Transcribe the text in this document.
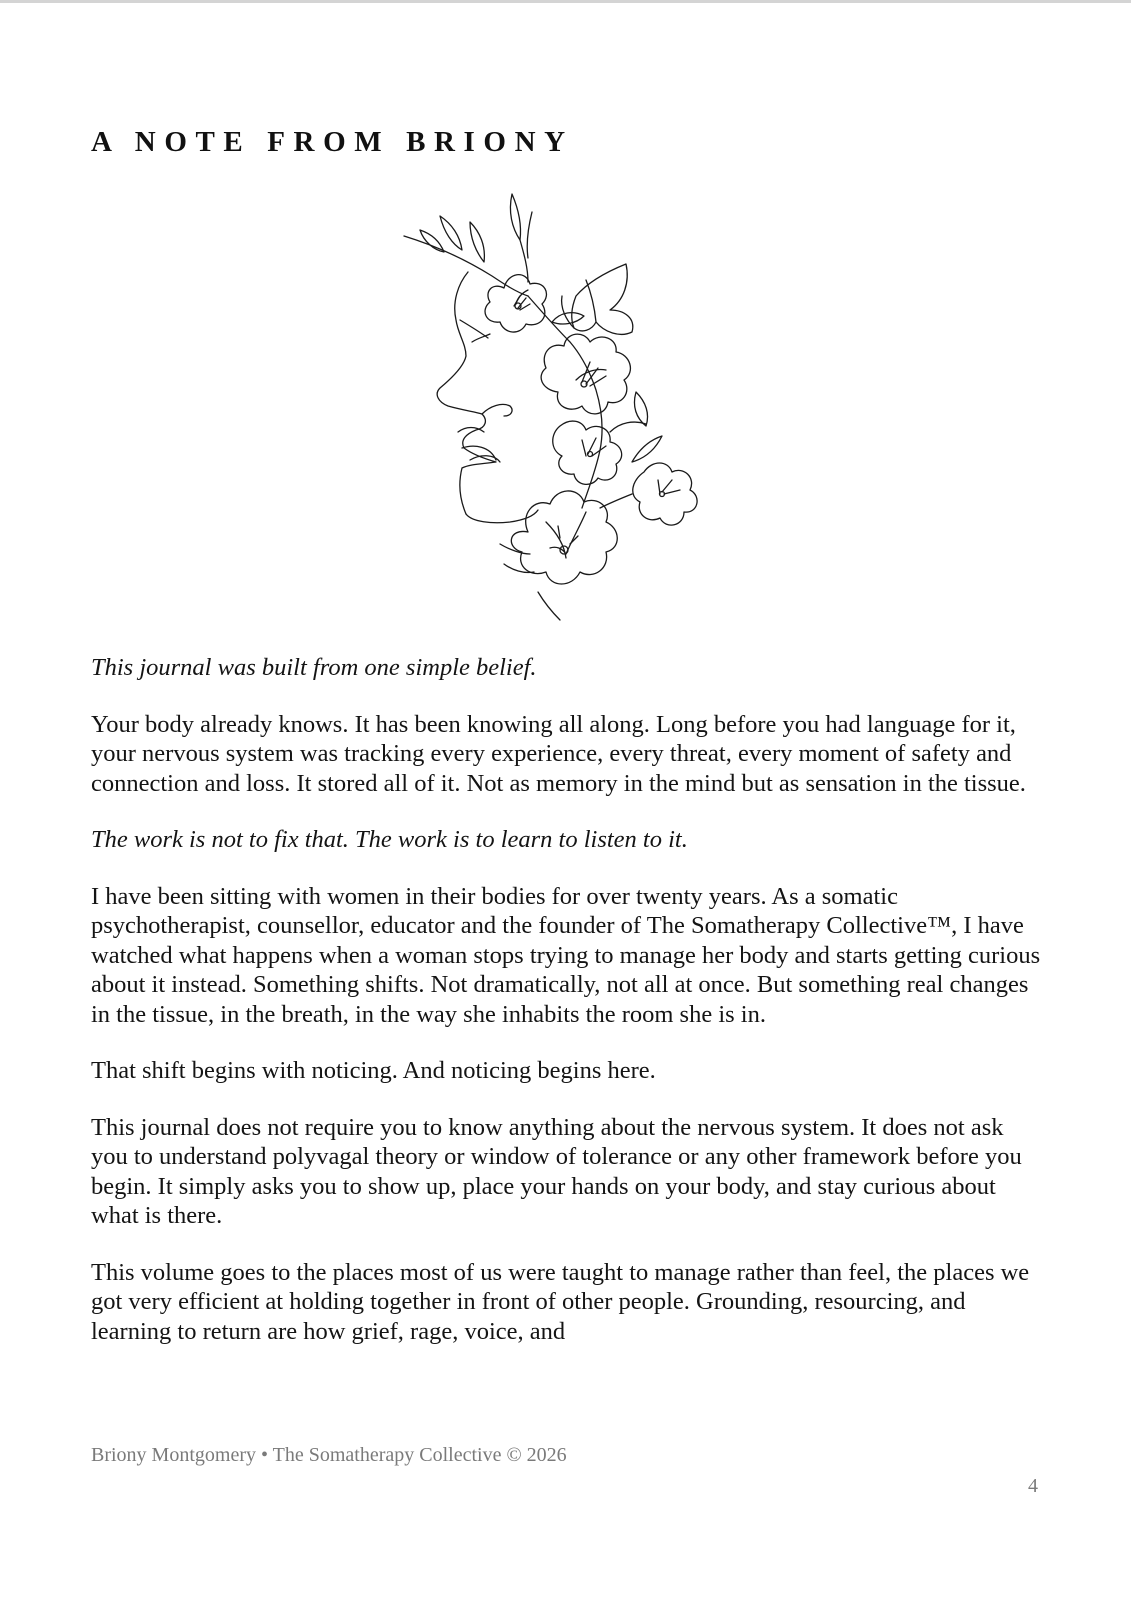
A NOTE FROM BRIONY

This journal was built from one simple belief.

Your body already knows. It has been knowing all along. Long before you had language for it, your nervous system was tracking every experience, every threat, every moment of safety and connection and loss. It stored all of it. Not as memory in the mind but as sensation in the tissue.

The work is not to fix that. The work is to learn to listen to it.

I have been sitting with women in their bodies for over twenty years. As a somatic psychotherapist, counsellor, educator and the founder of The Somatherapy Collective™, I have watched what happens when a woman stops trying to manage her body and starts getting curious about it instead. Something shifts. Not dramatically, not all at once. But something real changes in the tissue, in the breath, in the way she inhabits the room she is in.

That shift begins with noticing. And noticing begins here.

This journal does not require you to know anything about the nervous system. It does not ask you to understand polyvagal theory or window of tolerance or any other framework before you begin. It simply asks you to show up, place your hands on your body, and stay curious about what is there.

This volume goes to the places most of us were taught to manage rather than feel, the places we got very efficient at holding together in front of other people. Grounding, resourcing, and learning to return are how grief, rage, voice, and

Briony Montgomery • The Somatherapy Collective © 2026
4
